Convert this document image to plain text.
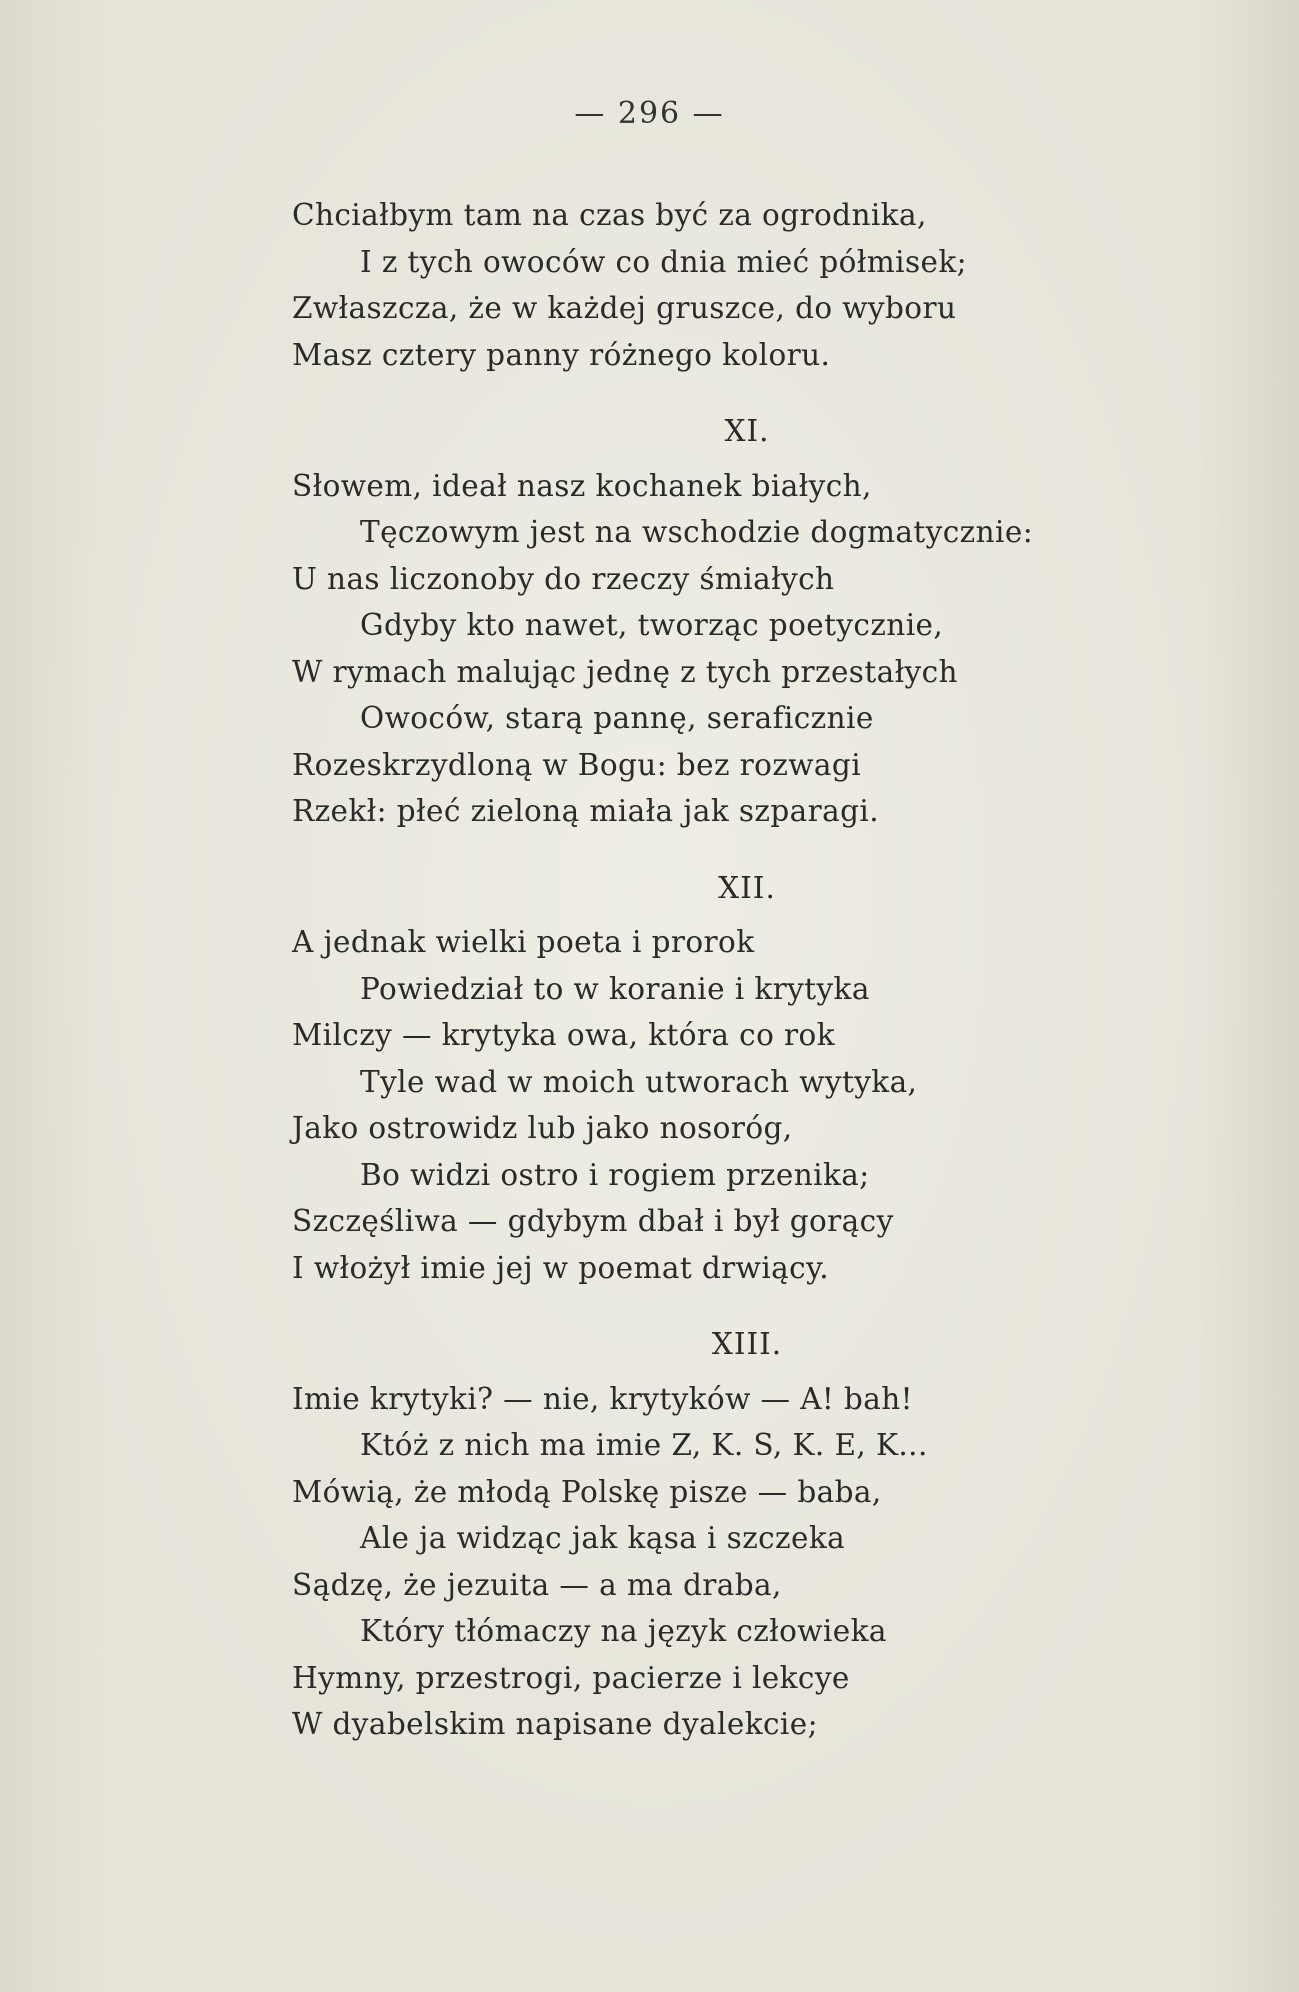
— 296 —
Chciałbym tam na czas być za ogrodnika,
I z tych owoców co dnia mieć półmisek;
Zwłaszcza, że w każdej gruszce, do wyboru
Masz cztery panny różnego koloru.
XI.
Słowem, ideał nasz kochanek białych,
Tęczowym jest na wschodzie dogmatycznie:
U nas liczonoby do rzeczy śmiałych
Gdyby kto nawet, tworząc poetycznie,
W rymach malując jednę z tych przestałych
Owoców, starą pannę, seraficznie
Rozeskrzydloną w Bogu: bez rozwagi
Rzekł: płeć zieloną miała jak szparagi.
XII.
A jednak wielki poeta i prorok
Powiedział to w koranie i krytyka
Milczy — krytyka owa, która co rok
Tyle wad w moich utworach wytyka,
Jako ostrowidz lub jako nosoróg,
Bo widzi ostro i rogiem przenika;
Szczęśliwa — gdybym dbał i był gorący
I włożył imie jej w poemat drwiący.
XIII.
Imie krytyki? — nie, krytyków — A! bah!
Któż z nich ma imie Z, K. S, K. E, K...
Mówią, że młodą Polskę pisze — baba,
Ale ja widząc jak kąsa i szczeka
Sądzę, że jezuita — a ma draba,
Który tłómaczy na język człowieka
Hymny, przestrogi, pacierze i lekcye
W dyabelskim napisane dyalekcie;
